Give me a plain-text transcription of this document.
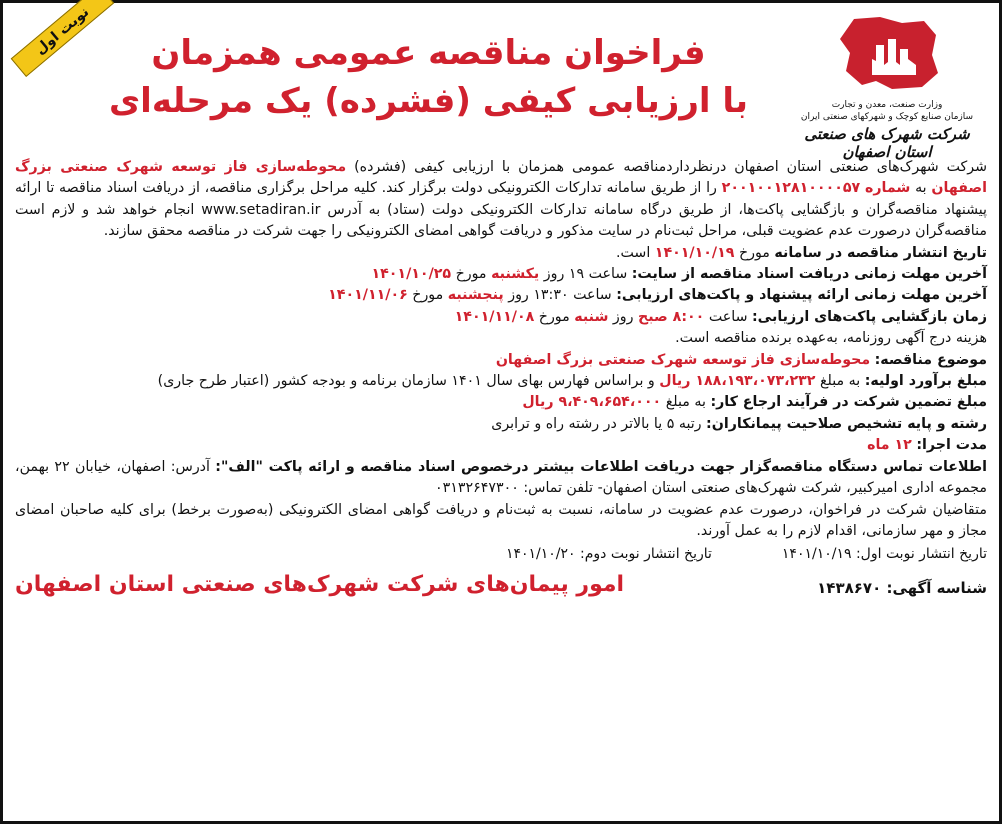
وزارت صنعت، معدن و تجارت
سازمان صنایع کوچک و شهرکهای صنعتی ایران
شرکت شهرک های صنعتی استان اصفهان
فراخوان مناقصه عمومی همزمان
با ارزیابی کیفی (فشرده) یک مرحله‌ای
نوبت اول

شرکت شهرک‌های صنعتی استان اصفهان درنظرداردمناقصه عمومی همزمان با ارزیابی کیفی (فشرده) محوطه‌سازی فاز توسعه شهرک صنعتی بزرگ اصفهان به شماره ۲۰۰۱۰۰۱۲۸۱۰۰۰۰۵۷ را از طریق سامانه تدارکات الکترونیکی دولت برگزار کند. کلیه مراحل برگزاری مناقصه، از دریافت اسناد مناقصه تا ارائه پیشنهاد مناقصه‌گران و بازگشایی پاکت‌ها، از طریق درگاه سامانه تدارکات الکترونیکی دولت (ستاد) به آدرس www.setadiran.ir انجام خواهد شد و لازم است مناقصه‌گران درصورت عدم عضویت قبلی، مراحل ثبت‌نام در سایت مذکور و دریافت گواهی امضای الکترونیکی را جهت شرکت در مناقصه محقق سازند.

تاریخ انتشار مناقصه در سامانه مورخ ۱۴۰۱/۱۰/۱۹ است.

آخرین مهلت زمانی دریافت اسناد مناقصه از سایت: ساعت ۱۹ روز یکشنبه مورخ ۱۴۰۱/۱۰/۲۵

آخرین مهلت زمانی ارائه پیشنهاد و پاکت‌های ارزیابی: ساعت ۱۳:۳۰ روز پنجشنبه مورخ ۱۴۰۱/۱۱/۰۶

زمان بازگشایی پاکت‌های ارزیابی: ساعت ۸:۰۰ صبح روز شنبه مورخ ۱۴۰۱/۱۱/۰۸

هزینه درج آگهی روزنامه، به‌عهده برنده مناقصه است.

موضوع مناقصه: محوطه‌سازی فاز توسعه شهرک صنعتی بزرگ اصفهان

مبلغ برآورد اولیه: به مبلغ ۱۸۸،۱۹۳،۰۷۳،۲۳۲ ریال و براساس فهارس بهای سال ۱۴۰۱ سازمان برنامه و بودجه کشور (اعتبار طرح جاری)

مبلغ تضمین شرکت در فرآیند ارجاع کار: به مبلغ ۹،۴۰۹،۶۵۴،۰۰۰ ریال

رشته و پایه تشخیص صلاحیت پیمانکاران: رتبه ۵ یا بالاتر در رشته راه و ترابری

مدت اجرا: ۱۲ ماه

اطلاعات تماس دستگاه مناقصه‌گزار جهت دریافت اطلاعات بیشتر درخصوص اسناد مناقصه و ارائه پاکت "الف": آدرس: اصفهان، خیابان ۲۲ بهمن، مجموعه اداری امیرکبیر، شرکت شهرک‌های صنعتی استان اصفهان- تلفن تماس: ۰۳۱۳۲۶۴۷۳۰۰

متقاضیان شرکت در فراخوان، درصورت عدم عضویت در سامانه، نسبت به ثبت‌نام و دریافت گواهی امضای الکترونیکی (به‌صورت برخط) برای کلیه صاحبان امضای مجاز و مهر سازمانی، اقدام لازم را به عمل آورند.

تاریخ انتشار نوبت اول: ۱۴۰۱/۱۰/۱۹
تاریخ انتشار نوبت دوم: ۱۴۰۱/۱۰/۲۰
شناسه آگهی: ۱۴۳۸۶۷۰
امور پیمان‌های شرکت شهرک‌های صنعتی استان اصفهان
